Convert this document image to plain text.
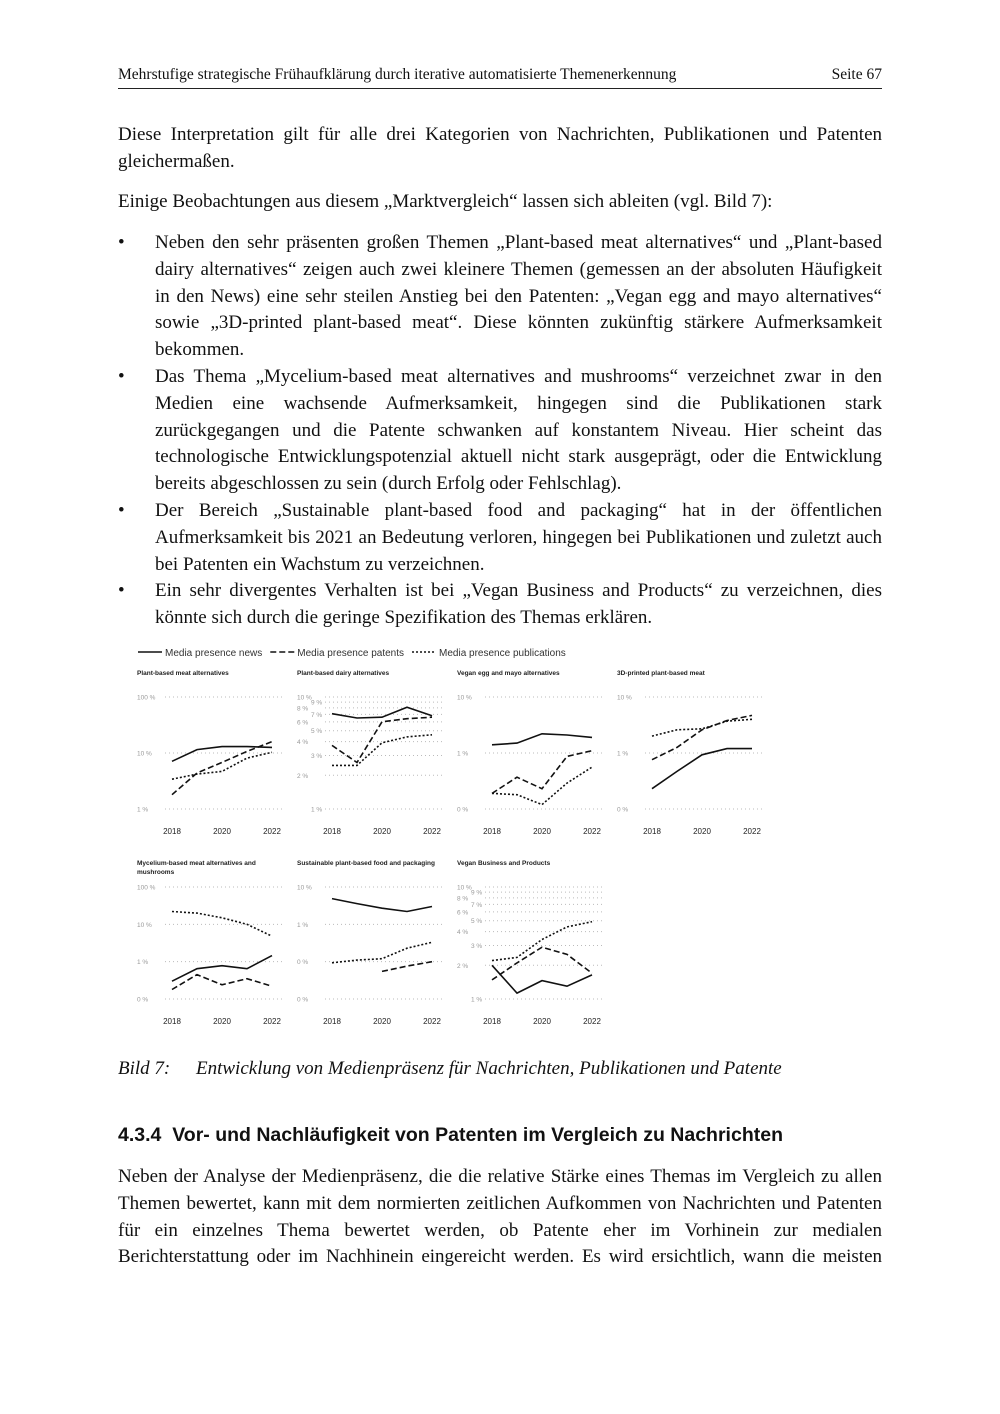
Mehrstufige strategische Frühaufklärung durch iterative automatisierte Themenerkennung	Seite 67
Diese Interpretation gilt für alle drei Kategorien von Nachrichten, Publikationen und Patenten gleichermaßen.
Einige Beobachtungen aus diesem „Marktvergleich“ lassen sich ableiten (vgl. Bild 7):
•	Neben den sehr präsenten großen Themen „Plant-based meat alternatives“ und „Plant-based dairy alternatives“ zeigen auch zwei kleinere Themen (gemessen an der absoluten Häufigkeit in den News) eine sehr steilen Anstieg bei den Patenten: „Vegan egg and mayo alternatives“ sowie „3D-printed plant-based meat“. Diese könnten zukünftig stärkere Aufmerksamkeit bekommen.
•	Das Thema „Mycelium-based meat alternatives and mushrooms“ verzeichnet zwar in den Medien eine wachsende Aufmerksamkeit, hingegen sind die Publikationen stark zurückgegangen und die Patente schwanken auf konstantem Niveau. Hier scheint das technologische Entwicklungspotenzial aktuell nicht stark ausgeprägt, oder die Entwicklung bereits abgeschlossen zu sein (durch Erfolg oder Fehlschlag).
•	Der Bereich „Sustainable plant-based food and packaging“ hat in der öffentlichen Aufmerksamkeit bis 2021 an Bedeutung verloren, hingegen bei Publikationen und zuletzt auch bei Patenten ein Wachstum zu verzeichnen.
•	Ein sehr divergentes Verhalten ist bei „Vegan Business and Products“ zu verzeichnen, dies könnte sich durch die geringe Spezifikation des Themas erklären.
Media presence news	Media presence patents	Media presence publications
Plant-based meat alternatives
100 %
10 %
1 %
2018	2020	2022
Plant-based dairy alternatives
10 %
9 %
8 %
7 %
6 %
5 %
4 %
3 %
2 %
1 %
2018	2020	2022
Vegan egg and mayo alternatives
10 %
1 %
0 %
2018	2020	2022
3D-printed plant-based meat
10 %
1 %
0 %
2018	2020	2022
Mycelium-based meat alternatives and
mushrooms
100 %
10 %
1 %
0 %
2018	2020	2022
Sustainable plant-based food and packaging
10 %
1 %
0 %
0 %
2018	2020	2022
Vegan Business and Products
10 %
9 %
8 %
7 %
6 %
5 %
4 %
3 %
2 %
1 %
2018	2020	2022
Bild 7:	Entwicklung von Medienpräsenz für Nachrichten, Publikationen und Patente
4.3.4 Vor- und Nachläufigkeit von Patenten im Vergleich zu Nachrichten
Neben der Analyse der Medienpräsenz, die die relative Stärke eines Themas im Vergleich zu allen Themen bewertet, kann mit dem normierten zeitlichen Aufkommen von Nachrichten und Patenten für ein einzelnes Thema bewertet werden, ob Patente eher im Vorhinein zur medialen Berichterstattung oder im Nachhinein eingereicht werden. Es wird ersichtlich, wann die meisten
